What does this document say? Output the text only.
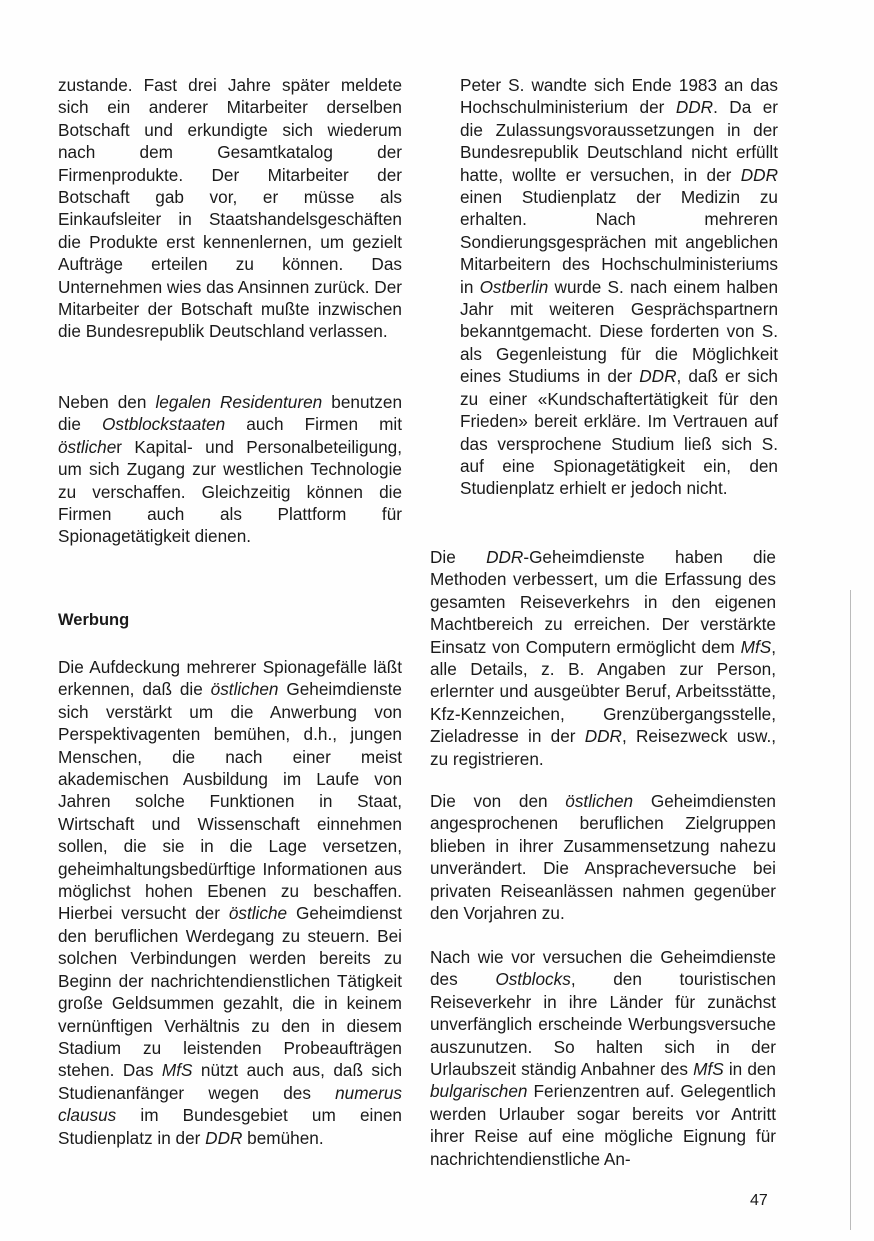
zustande. Fast drei Jahre später meldete sich ein anderer Mitarbeiter derselben Botschaft und erkundigte sich wiederum nach dem Gesamtkatalog der Firmenprodukte. Der Mitarbeiter der Botschaft gab vor, er müsse als Einkaufsleiter in Staatshandelsgeschäften die Produkte erst kennenlernen, um gezielt Aufträge erteilen zu können. Das Unternehmen wies das Ansinnen zurück. Der Mitarbeiter der Botschaft mußte inzwischen die Bundesrepublik Deutschland verlassen.

Neben den legalen Residenturen benutzen die Ostblockstaaten auch Firmen mit östlicher Kapital- und Personalbeteiligung, um sich Zugang zur westlichen Technologie zu verschaffen. Gleichzeitig können die Firmen auch als Plattform für Spionagetätigkeit dienen.

Werbung

Die Aufdeckung mehrerer Spionagefälle läßt erkennen, daß die östlichen Geheimdienste sich verstärkt um die Anwerbung von Perspektivagenten bemühen, d.h., jungen Menschen, die nach einer meist akademischen Ausbildung im Laufe von Jahren solche Funktionen in Staat, Wirtschaft und Wissenschaft einnehmen sollen, die sie in die Lage versetzen, geheimhaltungsbedürftige Informationen aus möglichst hohen Ebenen zu beschaffen. Hierbei versucht der östliche Geheimdienst den beruflichen Werdegang zu steuern. Bei solchen Verbindungen werden bereits zu Beginn der nachrichtendienstlichen Tätigkeit große Geldsummen gezahlt, die in keinem vernünftigen Verhältnis zu den in diesem Stadium zu leistenden Probeaufträgen stehen. Das MfS nützt auch aus, daß sich Studienanfänger wegen des numerus clausus im Bundesgebiet um einen Studienplatz in der DDR bemühen.

Peter S. wandte sich Ende 1983 an das Hochschulministerium der DDR. Da er die Zulassungsvoraussetzungen in der Bundesrepublik Deutschland nicht erfüllt hatte, wollte er versuchen, in der DDR einen Studienplatz der Medizin zu erhalten. Nach mehreren Sondierungsgesprächen mit angeblichen Mitarbeitern des Hochschulministeriums in Ostberlin wurde S. nach einem halben Jahr mit weiteren Gesprächspartnern bekanntgemacht. Diese forderten von S. als Gegenleistung für die Möglichkeit eines Studiums in der DDR, daß er sich zu einer «Kundschaftertätigkeit für den Frieden» bereit erkläre. Im Vertrauen auf das versprochene Studium ließ sich S. auf eine Spionagetätigkeit ein, den Studienplatz erhielt er jedoch nicht.

Die DDR-Geheimdienste haben die Methoden verbessert, um die Erfassung des gesamten Reiseverkehrs in den eigenen Machtbereich zu erreichen. Der verstärkte Einsatz von Computern ermöglicht dem MfS, alle Details, z. B. Angaben zur Person, erlernter und ausgeübter Beruf, Arbeitsstätte, Kfz-Kennzeichen, Grenzübergangsstelle, Zieladresse in der DDR, Reisezweck usw., zu registrieren.

Die von den östlichen Geheimdiensten angesprochenen beruflichen Zielgruppen blieben in ihrer Zusammensetzung nahezu unverändert. Die Anspracheversuche bei privaten Reiseanlässen nahmen gegenüber den Vorjahren zu.

Nach wie vor versuchen die Geheimdienste des Ostblocks, den touristischen Reiseverkehr in ihre Länder für zunächst unverfänglich erscheinde Werbungsversuche auszunutzen. So halten sich in der Urlaubszeit ständig Anbahner des MfS in den bulgarischen Ferienzentren auf. Gelegentlich werden Urlauber sogar bereits vor Antritt ihrer Reise auf eine mögliche Eignung für nachrichtendienstliche An-

47
